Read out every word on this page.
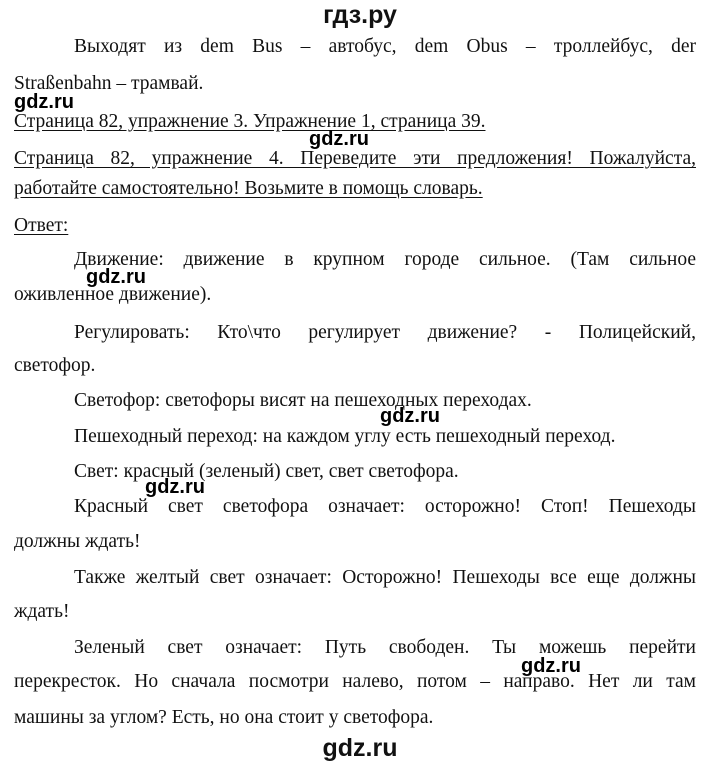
гдз.ру
Выходят из dem Bus – автобус, dem Obus – троллейбус, der
Straßenbahn – трамвай.
Страница 82, упражнение 3. Упражнение 1, страница 39.
Страница 82, упражнение 4. Переведите эти предложения! Пожалуйста,
работайте самостоятельно! Возьмите в помощь словарь.
Ответ:
Движение: движение в крупном городе сильное. (Там сильное
оживленное движение).
Регулировать: Кто\что регулирует движение? - Полицейский,
светофор.
Светофор: светофоры висят на пешеходных переходах.
Пешеходный переход: на каждом углу есть пешеходный переход.
Свет: красный (зеленый) свет, свет светофора.
Красный свет светофора означает: осторожно! Стоп! Пешеходы
должны ждать!
Также желтый свет означает: Осторожно! Пешеходы все еще должны
ждать!
Зеленый свет означает: Путь свободен. Ты можешь перейти
перекресток. Но сначала посмотри налево, потом – направо. Нет ли там
машины за углом? Есть, но она стоит у светофора.
gdz.ru
gdz.ru
gdz.ru
gdz.ru
gdz.ru
gdz.ru
gdz.ru
